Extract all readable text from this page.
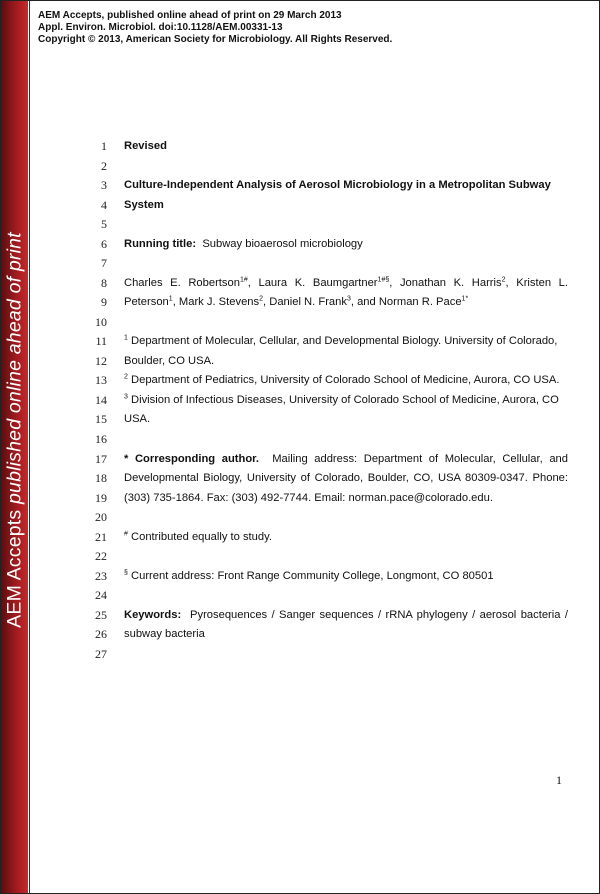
AEM Accepts published online ahead of print
AEM Accepts, published online ahead of print on 29 March 2013
Appl. Environ. Microbiol. doi:10.1128/AEM.00331-13
Copyright © 2013, American Society for Microbiology. All Rights Reserved.
1 Revised
2
3 Culture-Independent Analysis of Aerosol Microbiology in a Metropolitan Subway
4 System
5
6 Running title: Subway bioaerosol microbiology
7
8 Charles E. Robertson$^{1\#}$, Laura K. Baumgartner$^{1\#\S}$, Jonathan K. Harris$^2$, Kristen L.
9 Peterson$^1$, Mark J. Stevens$^2$, Daniel N. Frank$^3$, and Norman R. Pace$^{1*}$
10
11 $^1$ Department of Molecular, Cellular, and Developmental Biology. University of Colorado,
12 Boulder, CO USA.
13 $^2$ Department of Pediatrics, University of Colorado School of Medicine, Aurora, CO USA.
14 $^3$ Division of Infectious Diseases, University of Colorado School of Medicine, Aurora, CO
15 USA.
16
17 * Corresponding author. Mailing address: Department of Molecular, Cellular, and
18 Developmental Biology, University of Colorado, Boulder, CO, USA 80309-0347. Phone:
19 (303) 735-1864. Fax: (303) 492-7744. Email: norman.pace@colorado.edu.
20
21 # Contributed equally to study.
22
23 § Current address: Front Range Community College, Longmont, CO 80501
24
25 Keywords: Pyrosequences / Sanger sequences / rRNA phylogeny / aerosol bacteria /
26 subway bacteria
27
1
